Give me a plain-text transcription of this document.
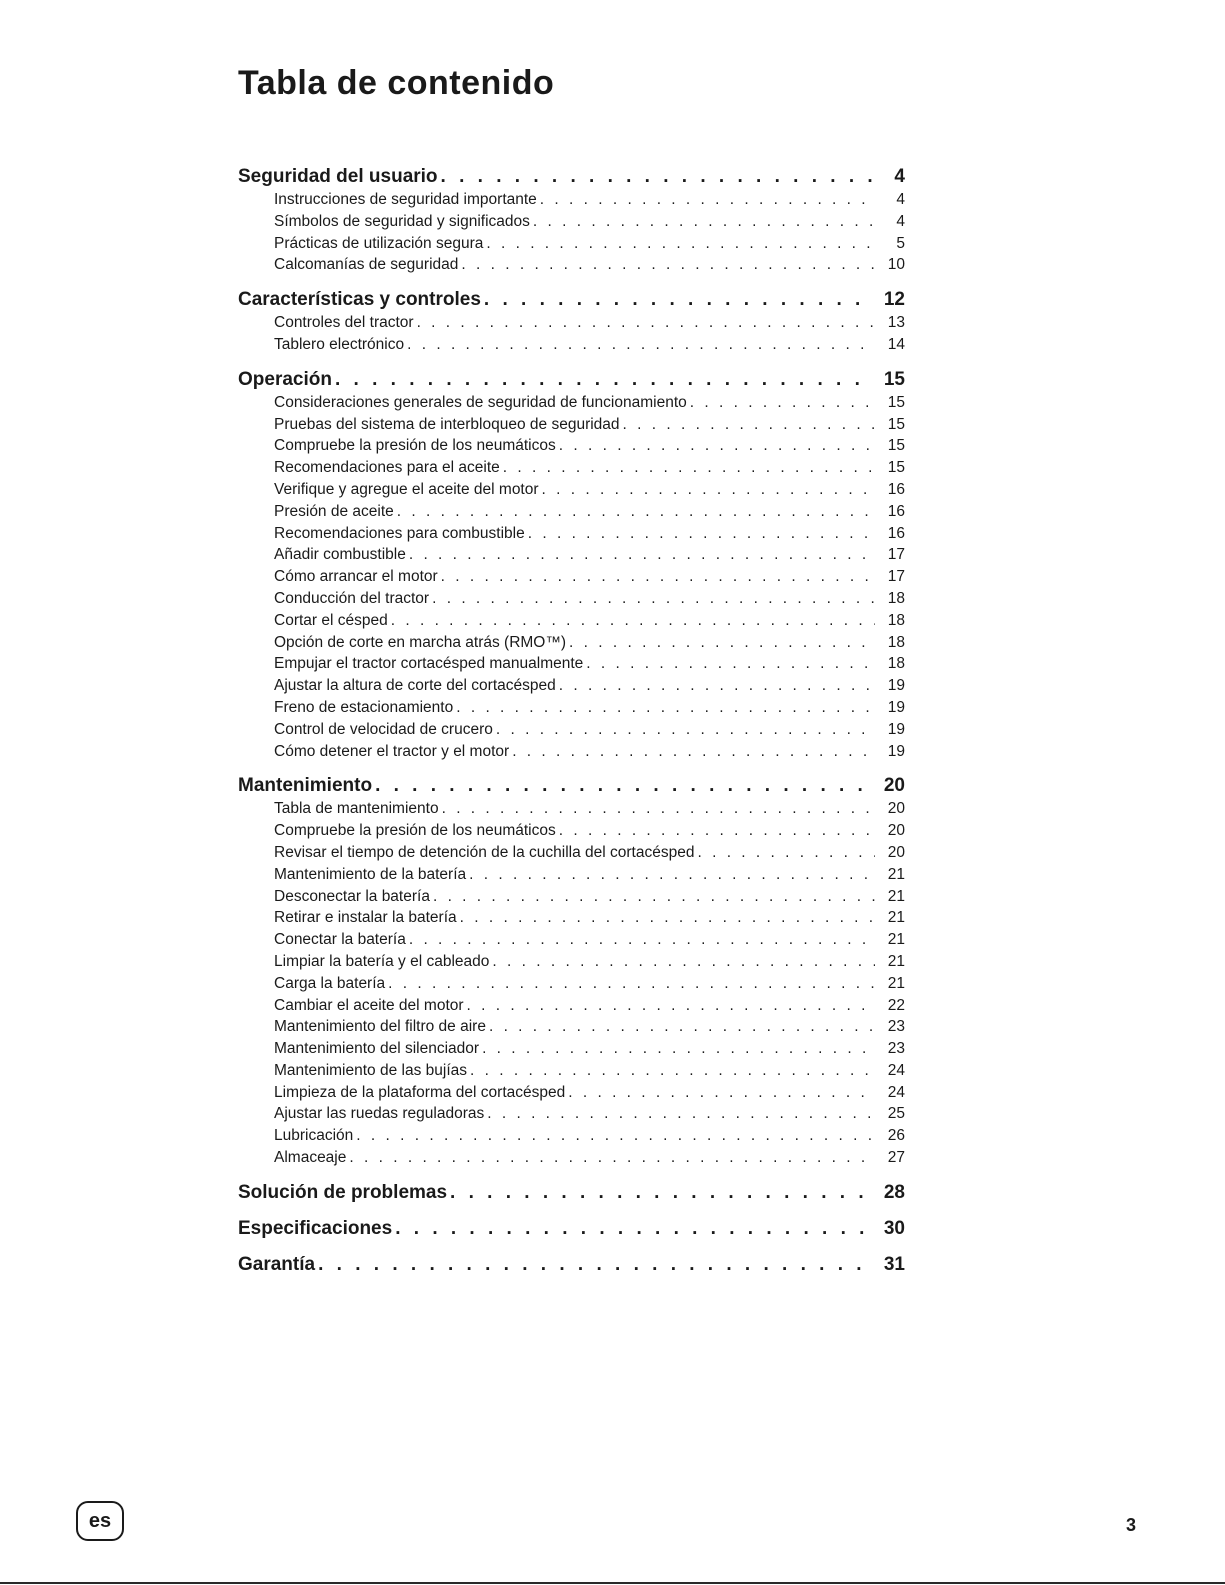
Tabla de contenido
Seguridad del usuario . . .	4
Instrucciones de seguridad importante . . .	4
Símbolos de seguridad y significados . . .	4
Prácticas de utilización segura . . .	5
Calcomanías de seguridad . . .	10
Características y controles . . .	12
Controles del tractor . . .	13
Tablero electrónico . . .	14
Operación . . .	15
Consideraciones generales de seguridad de funcionamiento . . .	15
Pruebas del sistema de interbloqueo de seguridad . . .	15
Compruebe la presión de los neumáticos . . .	15
Recomendaciones para el aceite . . .	15
Verifique y agregue el aceite del motor . . .	16
Presión de aceite . . .	16
Recomendaciones para combustible . . .	16
Añadir combustible . . .	17
Cómo arrancar el motor . . .	17
Conducción del tractor . . .	18
Cortar el césped . . .	18
Opción de corte en marcha atrás (RMO™) . . .	18
Empujar el tractor cortacésped manualmente . . .	18
Ajustar la altura de corte del cortacésped . . .	19
Freno de estacionamiento . . .	19
Control de velocidad de crucero . . .	19
Cómo detener el tractor y el motor . . .	19
Mantenimiento . . .	20
Tabla de mantenimiento . . .	20
Compruebe la presión de los neumáticos . . .	20
Revisar el tiempo de detención de la cuchilla del cortacésped . . .	20
Mantenimiento de la batería . . .	21
Desconectar la batería . . .	21
Retirar e instalar la batería . . .	21
Conectar la batería . . .	21
Limpiar la batería y el cableado . . .	21
Carga la batería . . .	21
Cambiar el aceite del motor . . .	22
Mantenimiento del filtro de aire . . .	23
Mantenimiento del silenciador . . .	23
Mantenimiento de las bujías . . .	24
Limpieza de la plataforma del cortacésped . . .	24
Ajustar las ruedas reguladoras . . .	25
Lubricación . . .	26
Almaceaje . . .	27
Solución de problemas . . .	28
Especificaciones . . .	30
Garantía . . .	31
es	3
